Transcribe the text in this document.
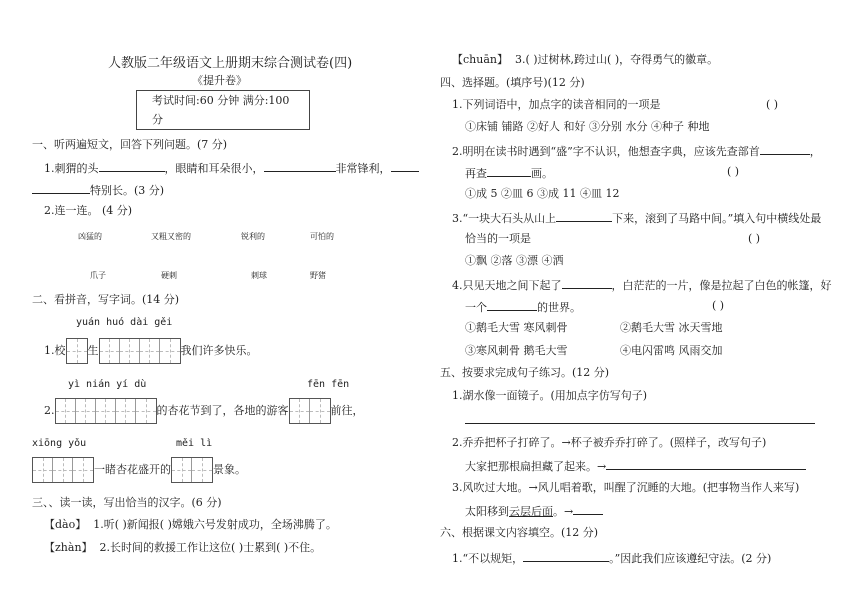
人教版二年级语文上册期末综合测试卷(四)
《提升卷》
考试时间:60 分钟 满分:100
分
一、听两遍短文，回答下列问题。(7 分)
1.刺猬的头	，眼睛和耳朵很小，	非常锋利，
特别长。(3 分)
2.连一连。 (4 分)
凶猛的	又粗又密的	锐利的	可怕的
爪子	硬刺	刺球	野猪
二、看拼音，写字词。(14 分)
yuán huó dài gěi
1.校 生	我们许多快乐。
yì nián yí dù	fēn fēn
2.	的杏花节到了，各地的游客	前往，
xiōng yǒu	měi lì
一睹杏花盛开的	景象。
三、、读一读，写出恰当的汉字。(6 分)
【dào】 1.听( )新闻报( )嫦娥六号发射成功，全场沸腾了。
【zhàn】 2.长时间的救援工作让这位( )士累到( )不住。
【chuān】 3.( )过树林,跨过山( )，夺得勇气的徽章。
四、选择题。(填序号)(12 分)
1.下列词语中，加点字的读音相同的一项是	( )
①床铺 铺路 ②好人 和好 ③分别 水分 ④种子 种地
2.明明在读书时遇到“盛”字不认识，他想查字典，应该先查部首	，
再查	画。	( )
①成 5 ②皿 6 ③成 11 ④皿 12
3.“一块大石头从山上	下来，滚到了马路中间。”填入句中横线处最
恰当的一项是	( )
①飘 ②落 ③漂 ④洒
4.只见天地之间下起了	，白茫茫的一片，像是拉起了白色的帐篷，好
一个	的世界。	( )
①鹅毛大雪 寒风刺骨	②鹅毛大雪 冰天雪地
③寒风刺骨 鹅毛大雪	④电闪雷鸣 风雨交加
五、按要求完成句子练习。(12 分)
1.湖水像一面镜子。(用加点字仿写句子)
2.乔乔把杯子打碎了。→杯子被乔乔打碎了。(照样子，改写句子)
大家把那根扁担藏了起来。→
3.风吹过大地。→风儿唱着歌，叫醒了沉睡的大地。(把事物当作人来写)
太阳移到云层后面。→
六、根据课文内容填空。(12 分)
1.“不以规矩，	。”因此我们应该遵纪守法。(2 分)
